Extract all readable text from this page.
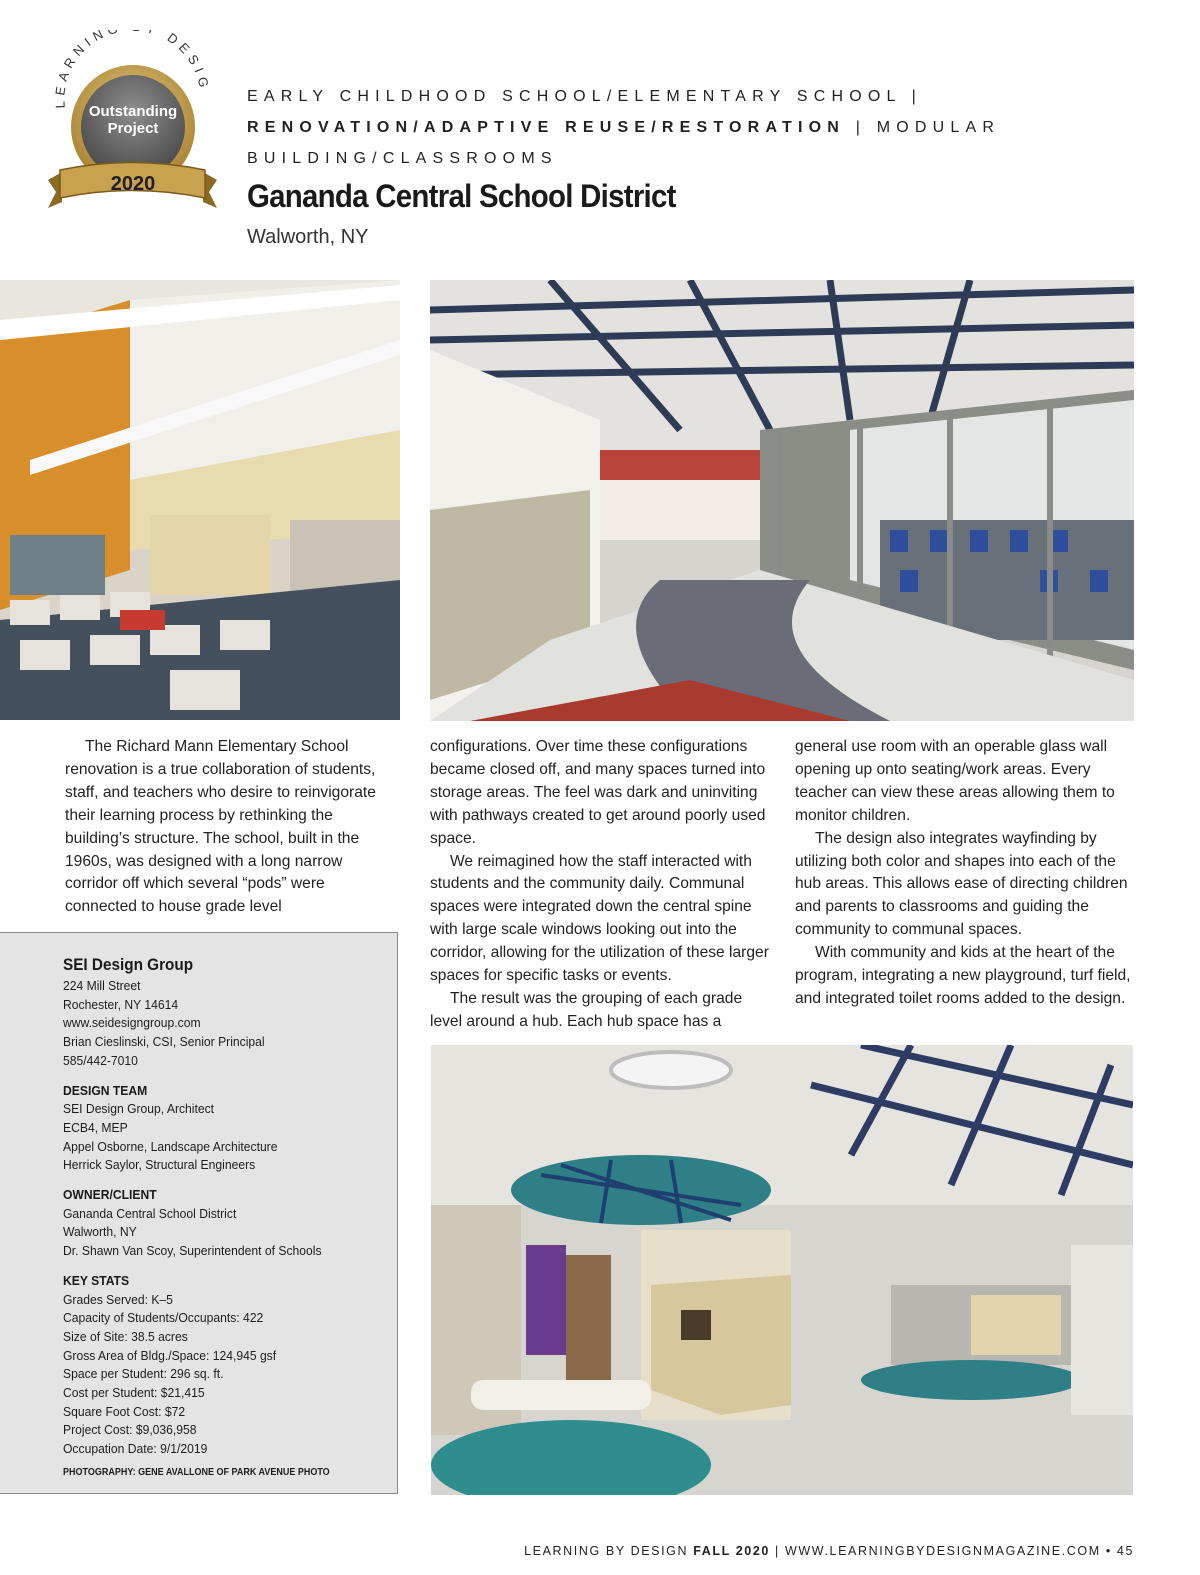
LEARNIN DESIG
Outstanding
Project
2020
EARLY CHILDHOOD SCHOOL/ELEMENTARY SCHOOL |
RENOVATION/ADAPTIVE REUSE/RESTORATION | MODULAR
BUILDING/CLASSROOMS
Gananda Central School District
Walworth, NY

The Richard Mann Elementary School renovation is a true collaboration of students, staff, and teachers who desire to reinvigorate their learning process by rethinking the building’s structure. The school, built in the 1960s, was designed with a long narrow corridor off which several “pods” were connected to house grade level

configurations. Over time these configurations became closed off, and many spaces turned into storage areas. The feel was dark and uninviting with pathways created to get around poorly used space.

We reimagined how the staff interacted with students and the community daily. Communal spaces were integrated down the central spine with large scale windows looking out into the corridor, allowing for the utilization of these larger spaces for specific tasks or events.

The result was the grouping of each grade level around a hub. Each hub space has a

general use room with an operable glass wall opening up onto seating/work areas. Every teacher can view these areas allowing them to monitor children.

The design also integrates wayfinding by utilizing both color and shapes into each of the hub areas. This allows ease of directing children and parents to classrooms and guiding the community to communal spaces.

With community and kids at the heart of the program, integrating a new playground, turf field, and integrated toilet rooms added to the design.

SEI Design Group
224 Mill Street
Rochester, NY 14614
www.seidesigngroup.com
Brian Cieslinski, CSI, Senior Principal
585/442-7010
DESIGN TEAM
SEI Design Group, Architect
ECB4, MEP
Appel Osborne, Landscape Architecture
Herrick Saylor, Structural Engineers
OWNER/CLIENT
Gananda Central School District
Walworth, NY
Dr. Shawn Van Scoy, Superintendent of Schools
KEY STATS
Grades Served: K–5
Capacity of Students/Occupants: 422
Size of Site: 38.5 acres
Gross Area of Bldg./Space: 124,945 gsf
Space per Student: 296 sq. ft.
Cost per Student: $21,415
Square Foot Cost: $72
Project Cost: $9,036,958
Occupation Date: 9/1/2019
PHOTOGRAPHY: GENE AVALLONE OF PARK AVENUE PHOTO
LEARNING BY DESIGN FALL 2020 | WWW.LEARNINGBYDESIGNMAGAZINE.COM • 45
